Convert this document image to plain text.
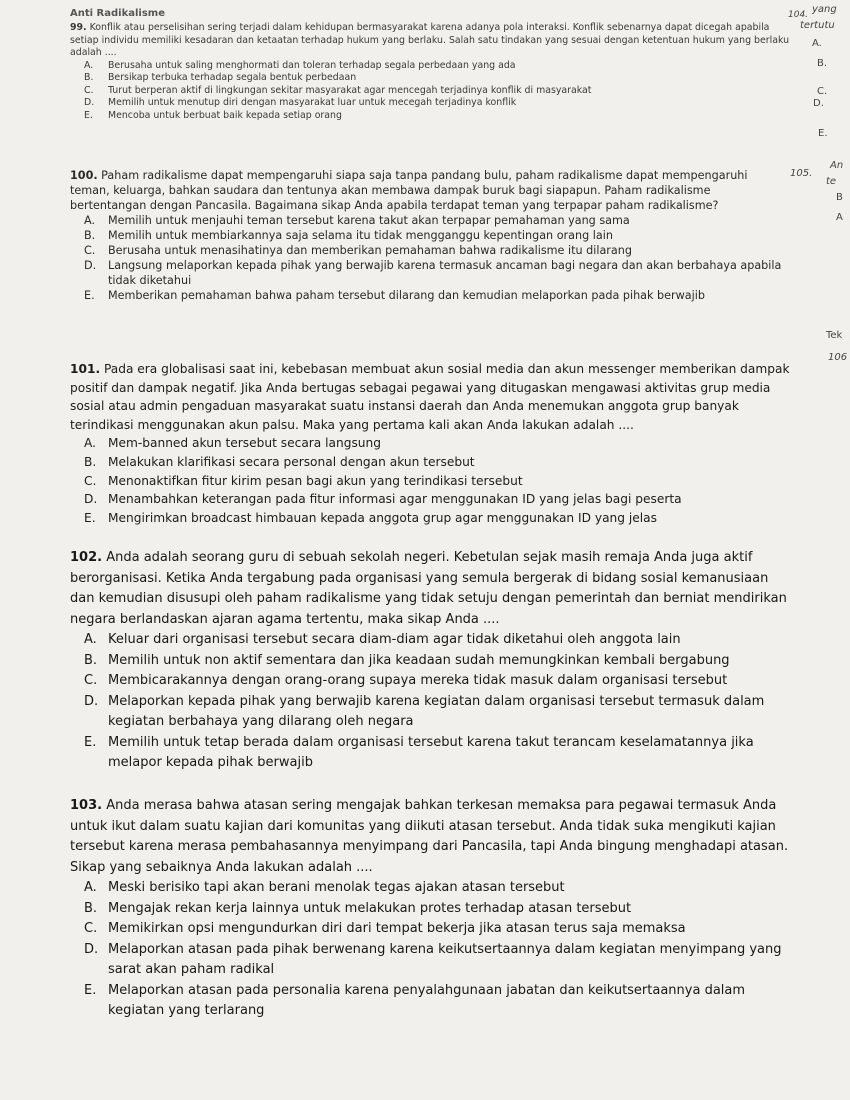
104. yang
tertutu
A.
B.
C.
D.
E.
105.
An
te
B
A
Tek
106
Anti Radikalisme
99. Konflik atau perselisihan sering terjadi dalam kehidupan bermasyarakat karena adanya pola interaksi. Konflik sebenarnya dapat dicegah apabila setiap individu memiliki kesadaran dan ketaatan terhadap hukum yang berlaku. Salah satu tindakan yang sesuai dengan ketentuan hukum yang berlaku adalah ....
A.	Berusaha untuk saling menghormati dan toleran terhadap segala perbedaan yang ada
B.	Bersikap terbuka terhadap segala bentuk perbedaan
C.	Turut berperan aktif di lingkungan sekitar masyarakat agar mencegah terjadinya konflik di masyarakat
D.	Memilih untuk menutup diri dengan masyarakat luar untuk mecegah terjadinya konflik
E.	Mencoba untuk berbuat baik kepada setiap orang
100. Paham radikalisme dapat mempengaruhi siapa saja tanpa pandang bulu, paham radikalisme dapat mempengaruhi teman, keluarga, bahkan saudara dan tentunya akan membawa dampak buruk bagi siapapun. Paham radikalisme bertentangan dengan Pancasila. Bagaimana sikap Anda apabila terdapat teman yang terpapar paham radikalisme?
A.	Memilih untuk menjauhi teman tersebut karena takut akan terpapar pemahaman yang sama
B.	Memilih untuk membiarkannya saja selama itu tidak mengganggu kepentingan orang lain
C.	Berusaha untuk menasihatinya dan memberikan pemahaman bahwa radikalisme itu dilarang
D.	Langsung melaporkan kepada pihak yang berwajib karena termasuk ancaman bagi negara dan akan berbahaya apabila tidak diketahui
E.	Memberikan pemahaman bahwa paham tersebut dilarang dan kemudian melaporkan pada pihak berwajib
101. Pada era globalisasi saat ini, kebebasan membuat akun sosial media dan akun messenger memberikan dampak positif dan dampak negatif. Jika Anda bertugas sebagai pegawai yang ditugaskan mengawasi aktivitas grup media sosial atau admin pengaduan masyarakat suatu instansi daerah dan Anda menemukan anggota grup banyak terindikasi menggunakan akun palsu. Maka yang pertama kali akan Anda lakukan adalah ....
A. Mem-banned akun tersebut secara langsung
B. Melakukan klarifikasi secara personal dengan akun tersebut
C. Menonaktifkan fitur kirim pesan bagi akun yang terindikasi tersebut
D. Menambahkan keterangan pada fitur informasi agar menggunakan ID yang jelas bagi peserta
E.	Mengirimkan broadcast himbauan kepada anggota grup agar menggunakan ID yang jelas
102. Anda adalah seorang guru di sebuah sekolah negeri. Kebetulan sejak masih remaja Anda juga aktif berorganisasi. Ketika Anda tergabung pada organisasi yang semula bergerak di bidang sosial kemanusiaan dan kemudian disusupi oleh paham radikalisme yang tidak setuju dengan pemerintah dan berniat mendirikan negara berlandaskan ajaran agama tertentu, maka sikap Anda ....
A. Keluar dari organisasi tersebut secara diam-diam agar tidak diketahui oleh anggota lain
B. Memilih untuk non aktif sementara dan jika keadaan sudah memungkinkan kembali bergabung
C. Membicarakannya dengan orang-orang supaya mereka tidak masuk dalam organisasi tersebut
D. Melaporkan kepada pihak yang berwajib karena kegiatan dalam organisasi tersebut termasuk dalam kegiatan berbahaya yang dilarang oleh negara
E. Memilih untuk tetap berada dalam organisasi tersebut karena takut terancam keselamatannya jika melapor kepada pihak berwajib
103. Anda merasa bahwa atasan sering mengajak bahkan terkesan memaksa para pegawai termasuk Anda untuk ikut dalam suatu kajian dari komunitas yang diikuti atasan tersebut. Anda tidak suka mengikuti kajian tersebut karena merasa pembahasannya menyimpang dari Pancasila, tapi Anda bingung menghadapi atasan. Sikap yang sebaiknya Anda lakukan adalah ....
A. Meski berisiko tapi akan berani menolak tegas ajakan atasan tersebut
B. Mengajak rekan kerja lainnya untuk melakukan protes terhadap atasan tersebut
C. Memikirkan opsi mengundurkan diri dari tempat bekerja jika atasan terus saja memaksa
D. Melaporkan atasan pada pihak berwenang karena keikutsertaannya dalam kegiatan menyimpang yang sarat akan paham radikal
E. Melaporkan atasan pada personalia karena penyalahgunaan jabatan dan keikutsertaannya dalam kegiatan yang terlarang
